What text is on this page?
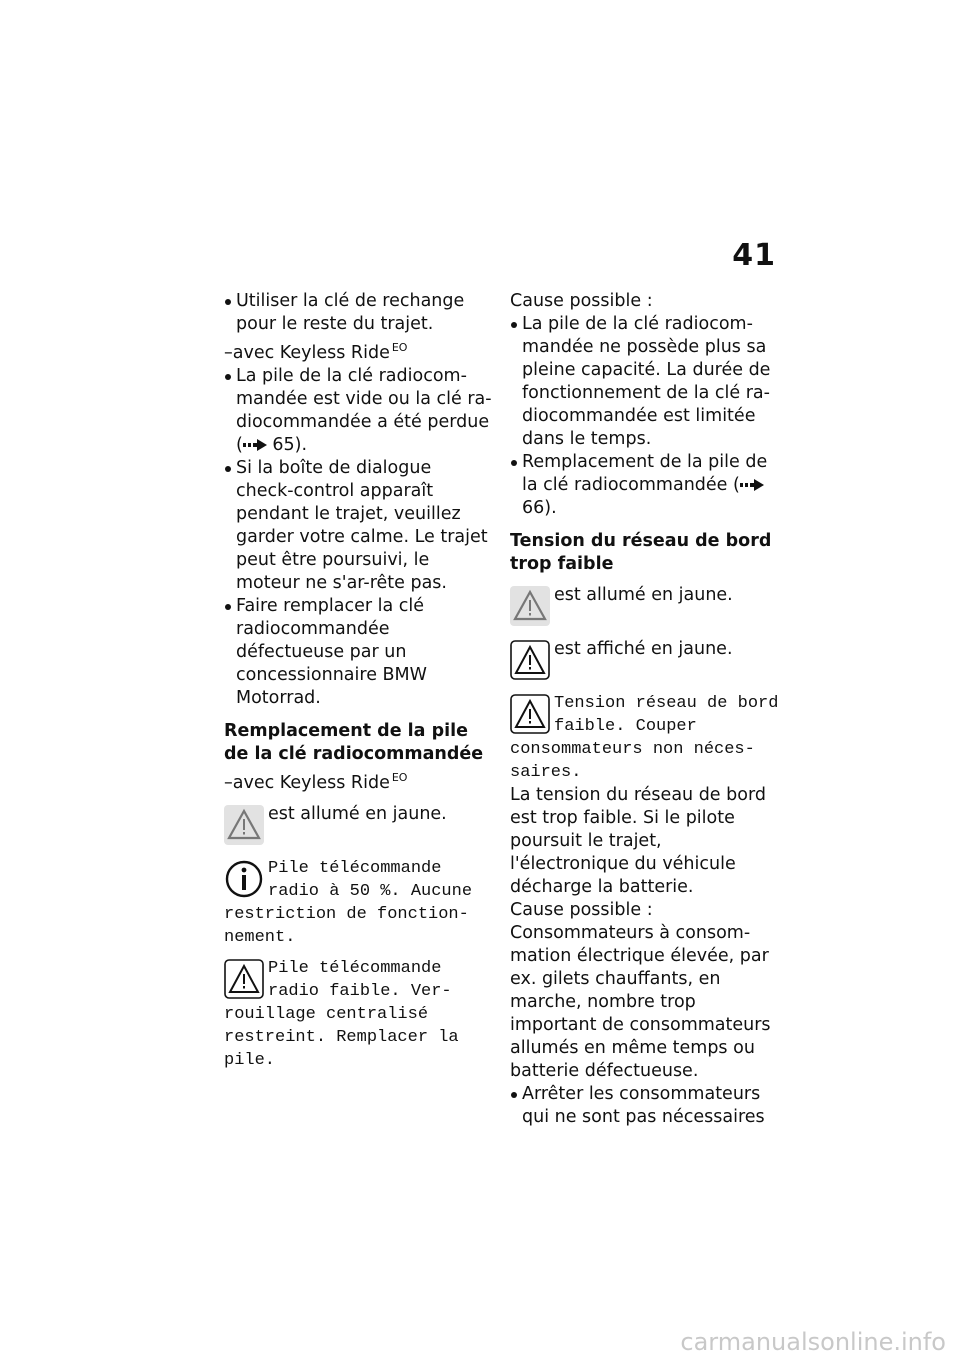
41
Utiliser la clé de rechange pour le reste du trajet.
– avec Keyless Ride $^{EO}$
La pile de la clé radiocom-mandée est vide ou la clé ra-diocommandée a été perdue ( 65).
Si la boîte de dialogue check-control apparaît pendant le trajet, veuillez garder votre calme. Le trajet peut être poursuivi, le moteur ne s'ar-rête pas.
Faire remplacer la clé radiocommandée défectueuse par un concessionnaire BMW Motorrad.
Remplacement de la pile de la clé radiocommandée
– avec Keyless Ride $^{EO}$
est allumé en jaune.
Pile télécommande radio à 50 %. Aucune restriction de fonction-nement.
Pile télécommande radio faible. Ver-rouillage centralisé restreint. Remplacer la pile.
Cause possible :
La pile de la clé radiocom-mandée ne possède plus sa pleine capacité. La durée de fonctionnement de la clé ra-diocommandée est limitée dans le temps.
Remplacement de la pile de la clé radiocommandée ( 66).
Tension du réseau de bord trop faible
est allumé en jaune.
est affiché en jaune.
Tension réseau de bord faible. Couper consommateurs non néces-saires.
La tension du réseau de bord est trop faible. Si le pilote poursuit le trajet, l'électronique du véhicule décharge la batterie.
Cause possible :
Consommateurs à consom-mation électrique élevée, par ex. gilets chauffants, en marche, nombre trop important de consommateurs allumés en même temps ou batterie défectueuse.
Arrêter les consommateurs qui ne sont pas nécessaires
carmanualsonline.info
